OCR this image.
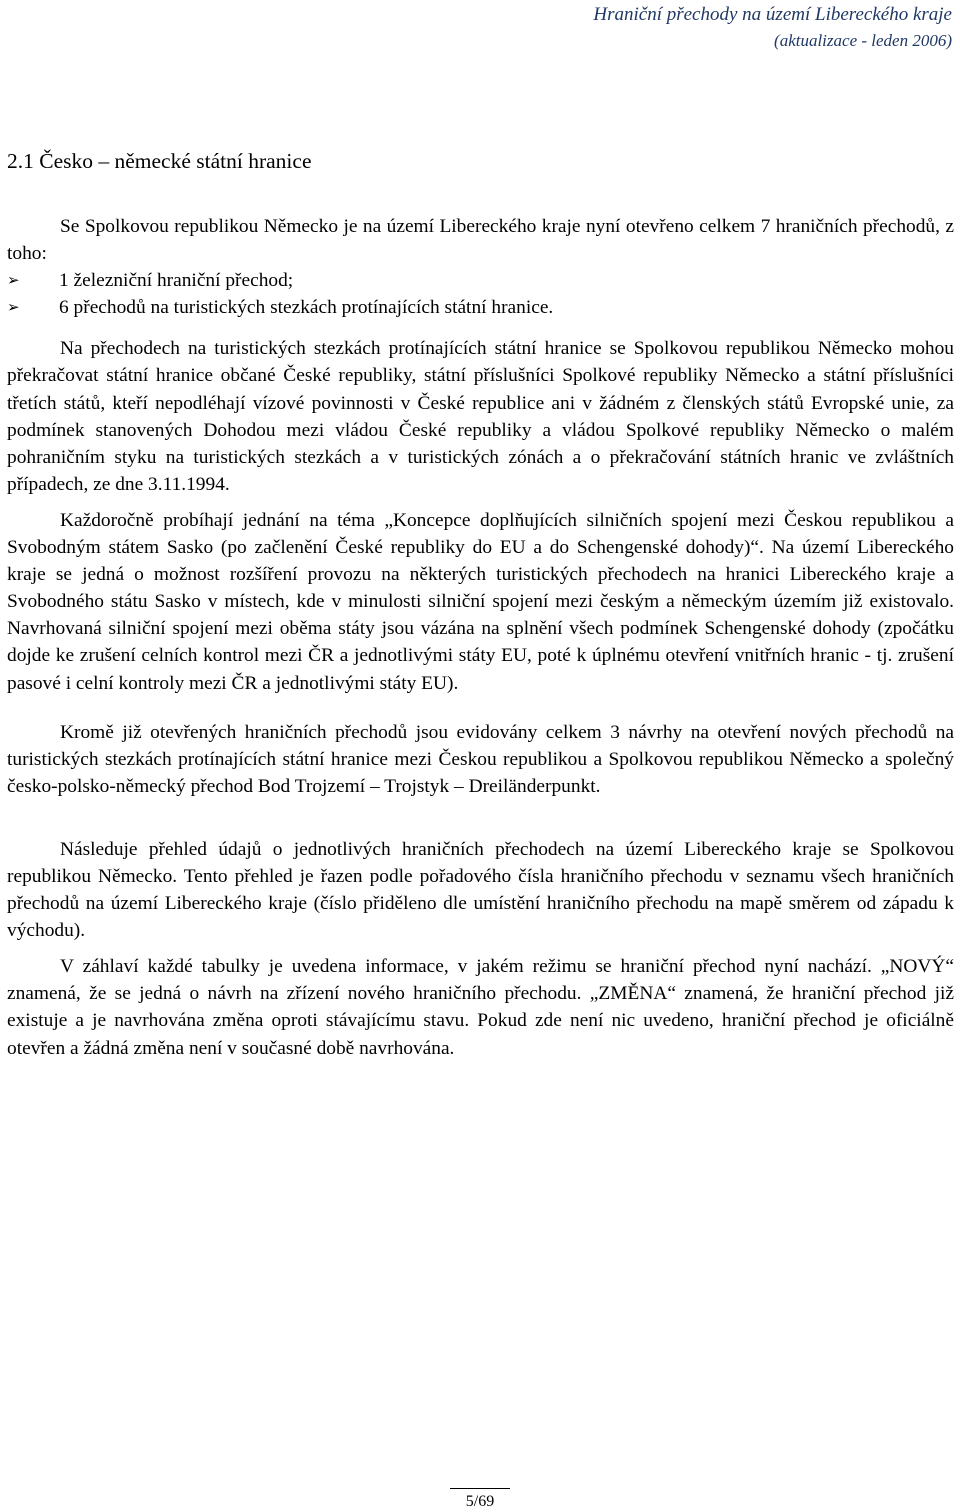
Hraniční přechody na území Libereckého kraje
(aktualizace - leden 2006)
2.1 Česko – německé státní hranice

Se Spolkovou republikou Německo je na území Libereckého kraje nyní otevřeno celkem 7 hraničních přechodů, z toho:

➢ 1 železniční hraniční přechod;
➢ 6 přechodů na turistických stezkách protínajících státní hranice.

Na přechodech na turistických stezkách protínajících státní hranice se Spolkovou republikou Německo mohou překračovat státní hranice občané České republiky, státní příslušníci Spolkové republiky Německo a státní příslušníci třetích států, kteří nepodléhají vízové povinnosti v České republice ani v žádném z členských států Evropské unie, za podmínek stanovených Dohodou mezi vládou České republiky a vládou Spolkové republiky Německo o malém pohraničním styku na turistických stezkách a v turistických zónách a o překračování státních hranic ve zvláštních případech, ze dne 3.11.1994.

Každoročně probíhají jednání na téma „Koncepce doplňujících silničních spojení mezi Českou republikou a Svobodným státem Sasko (po začlenění České republiky do EU a do Schengenské dohody)“. Na území Libereckého kraje se jedná o možnost rozšíření provozu na některých turistických přechodech na hranici Libereckého kraje a Svobodného státu Sasko v místech, kde v minulosti silniční spojení mezi českým a německým územím již existovalo. Navrhovaná silniční spojení mezi oběma státy jsou vázána na splnění všech podmínek Schengenské dohody (zpočátku dojde ke zrušení celních kontrol mezi ČR a jednotlivými státy EU, poté k úplnému otevření vnitřních hranic - tj. zrušení pasové i celní kontroly mezi ČR a jednotlivými státy EU).

Kromě již otevřených hraničních přechodů jsou evidovány celkem 3 návrhy na otevření nových přechodů na turistických stezkách protínajících státní hranice mezi Českou republikou a Spolkovou republikou Německo a společný česko-polsko-německý přechod Bod Trojzemí – Trojstyk – Dreiländerpunkt.

Následuje přehled údajů o jednotlivých hraničních přechodech na území Libereckého kraje se Spolkovou republikou Německo. Tento přehled je řazen podle pořadového čísla hraničního přechodu v seznamu všech hraničních přechodů na území Libereckého kraje (číslo přiděleno dle umístění hraničního přechodu na mapě směrem od západu k východu).

V záhlaví každé tabulky je uvedena informace, v jakém režimu se hraniční přechod nyní nachází. „NOVÝ“ znamená, že se jedná o návrh na zřízení nového hraničního přechodu. „ZMĚNA“ znamená, že hraniční přechod již existuje a je navrhována změna oproti stávajícímu stavu. Pokud zde není nic uvedeno, hraniční přechod je oficiálně otevřen a žádná změna není v současné době navrhována.

5/69
